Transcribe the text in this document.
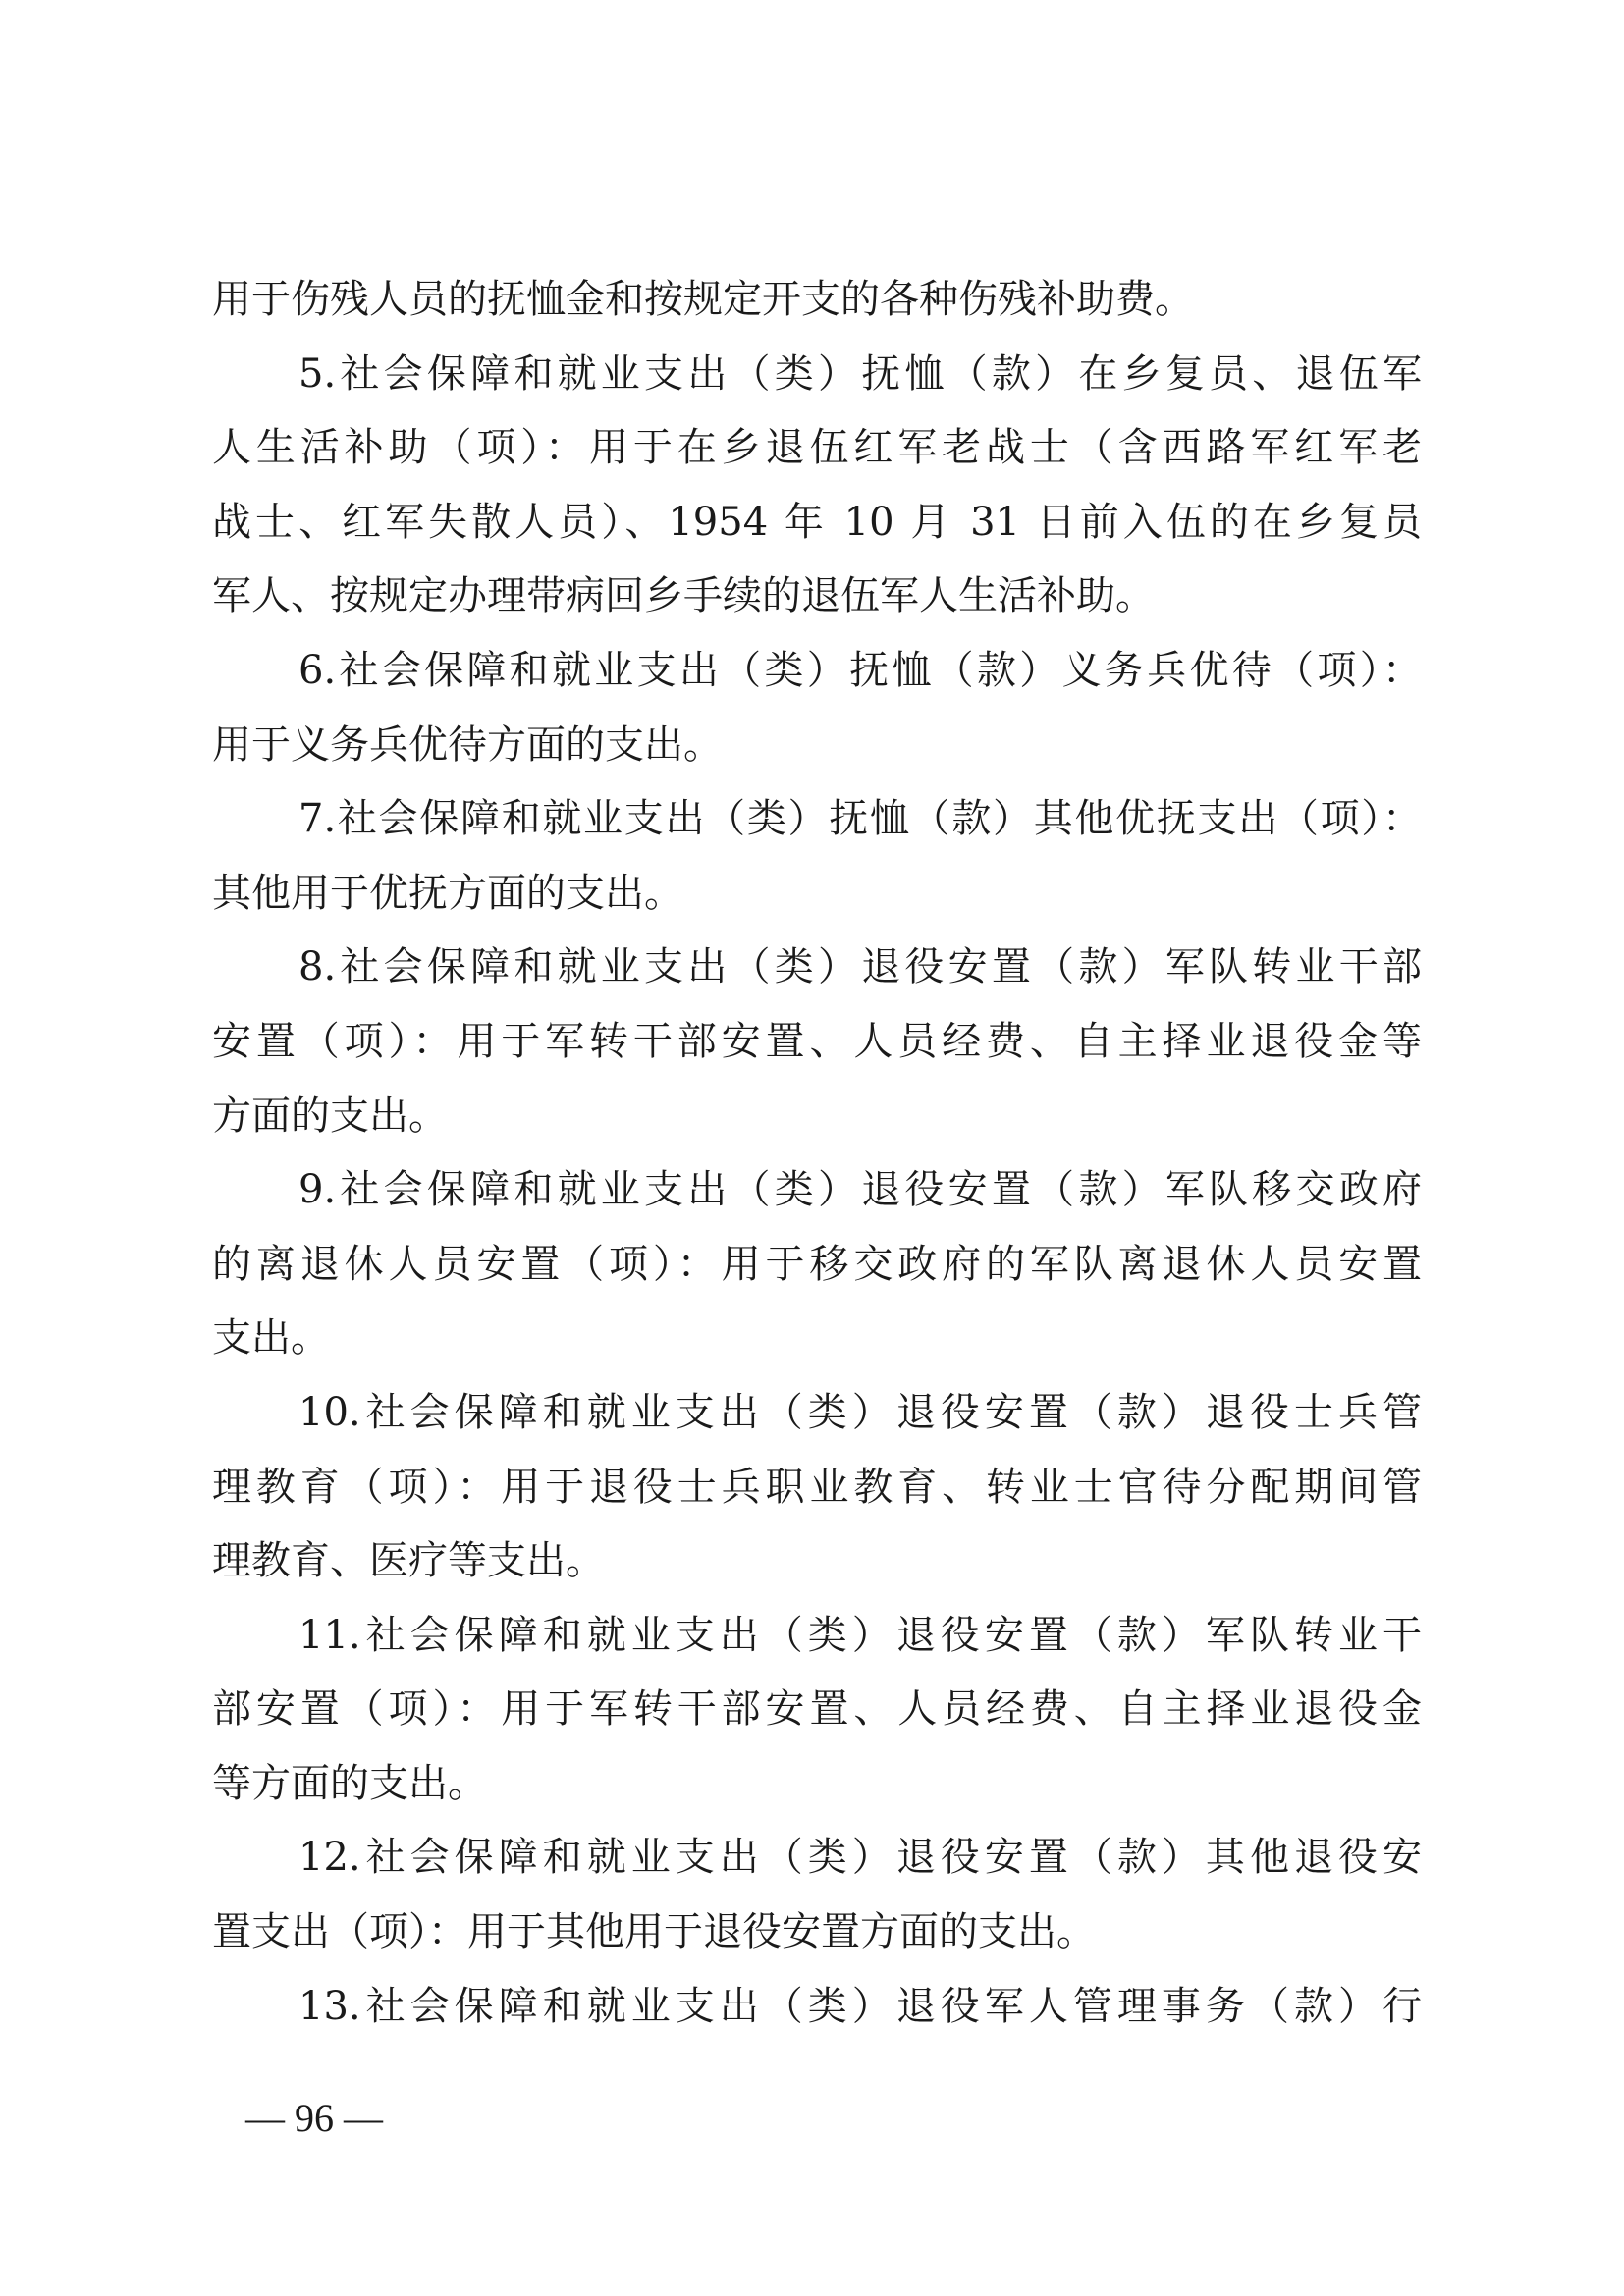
用于伤残人员的抚恤金和按规定开支的各种伤残补助费。
5.社会保障和就业支出（类）抚恤（款）在乡复员、退伍军
人生活补助（项）：用于在乡退伍红军老战士（含西路军红军老
战士、红军失散人员）、1954 年 10 月 31 日前入伍的在乡复员
军人、按规定办理带病回乡手续的退伍军人生活补助。
6.社会保障和就业支出（类）抚恤（款）义务兵优待（项）：
用于义务兵优待方面的支出。
7.社会保障和就业支出（类）抚恤（款）其他优抚支出（项）：
其他用于优抚方面的支出。
8.社会保障和就业支出（类）退役安置（款）军队转业干部
安置（项）：用于军转干部安置、人员经费、自主择业退役金等
方面的支出。
9.社会保障和就业支出（类）退役安置（款）军队移交政府
的离退休人员安置（项）：用于移交政府的军队离退休人员安置
支出。
10.社会保障和就业支出（类）退役安置（款）退役士兵管
理教育（项）：用于退役士兵职业教育、转业士官待分配期间管
理教育、医疗等支出。
11.社会保障和就业支出（类）退役安置（款）军队转业干
部安置（项）：用于军转干部安置、人员经费、自主择业退役金
等方面的支出。
12.社会保障和就业支出（类）退役安置（款）其他退役安
置支出（项）：用于其他用于退役安置方面的支出。
13.社会保障和就业支出（类）退役军人管理事务（款）行
— 96 —
